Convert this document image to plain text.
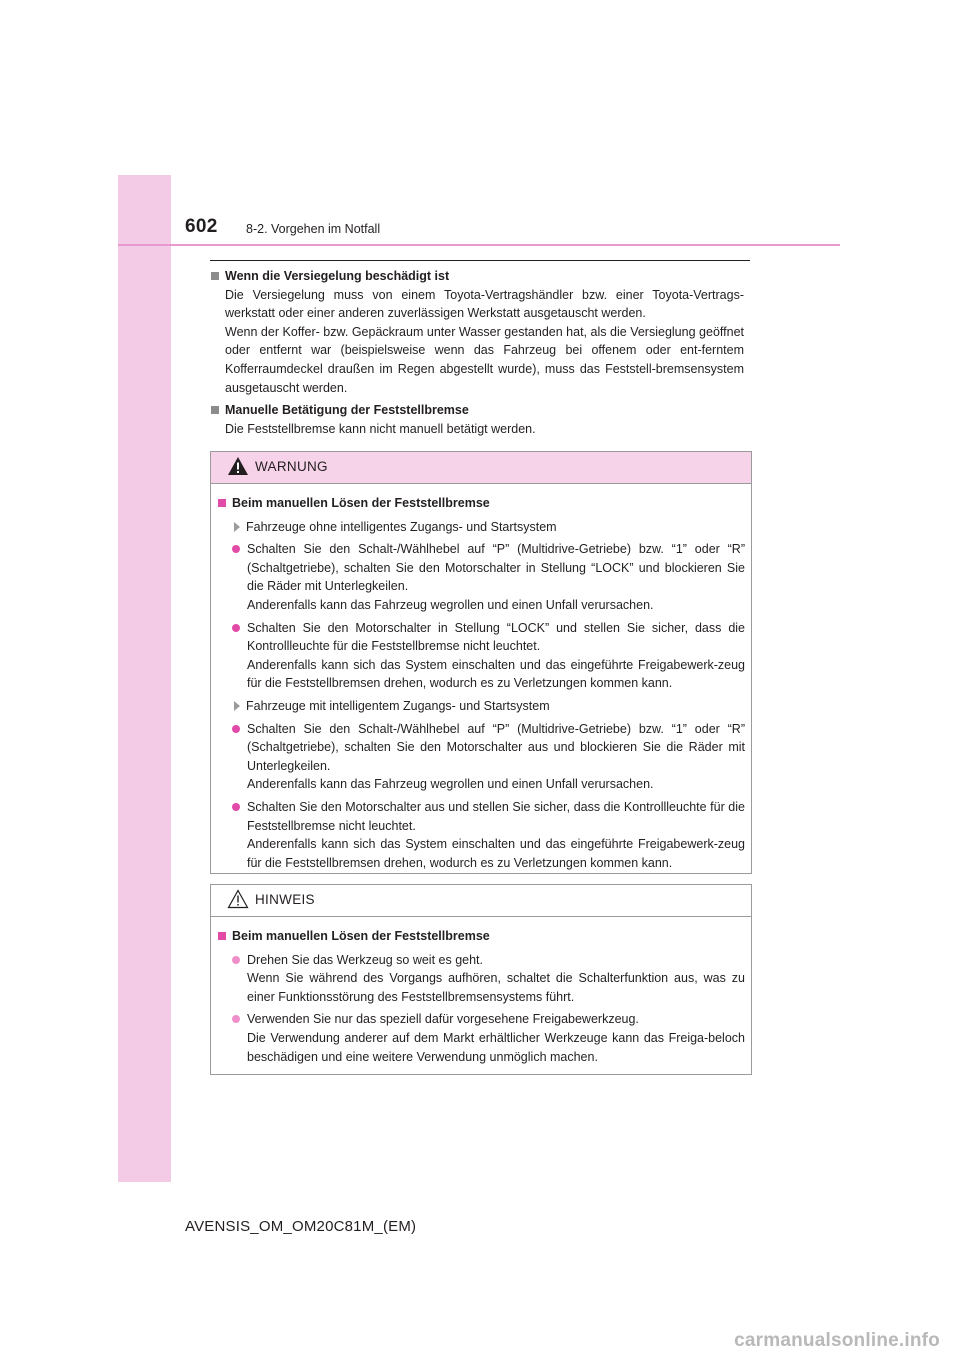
602 8-2. Vorgehen im Notfall
Wenn die Versiegelung beschädigt ist

Die Versiegelung muss von einem Toyota-Vertragshändler bzw. einer Toyota-Vertrags-werkstatt oder einer anderen zuverlässigen Werkstatt ausgetauscht werden.

Wenn der Koffer- bzw. Gepäckraum unter Wasser gestanden hat, als die Versieglung geöffnet oder entfernt war (beispielsweise wenn das Fahrzeug bei offenem oder ent-ferntem Kofferraumdeckel draußen im Regen abgestellt wurde), muss das Feststell-bremsensystem ausgetauscht werden.

Manuelle Betätigung der Feststellbremse

Die Feststellbremse kann nicht manuell betätigt werden.

WARNUNG
Beim manuellen Lösen der Feststellbremse
Fahrzeuge ohne intelligentes Zugangs- und Startsystem

Schalten Sie den Schalt-/Wählhebel auf “P” (Multidrive-Getriebe) bzw. “1” oder “R” (Schaltgetriebe), schalten Sie den Motorschalter in Stellung “LOCK” und blockieren Sie die Räder mit Unterlegkeilen.

Anderenfalls kann das Fahrzeug wegrollen und einen Unfall verursachen.

Schalten Sie den Motorschalter in Stellung “LOCK” und stellen Sie sicher, dass die Kontrollleuchte für die Feststellbremse nicht leuchtet.

Anderenfalls kann sich das System einschalten und das eingeführte Freigabewerk-zeug für die Feststellbremsen drehen, wodurch es zu Verletzungen kommen kann.

Fahrzeuge mit intelligentem Zugangs- und Startsystem

Schalten Sie den Schalt-/Wählhebel auf “P” (Multidrive-Getriebe) bzw. “1” oder “R” (Schaltgetriebe), schalten Sie den Motorschalter aus und blockieren Sie die Räder mit Unterlegkeilen.

Anderenfalls kann das Fahrzeug wegrollen und einen Unfall verursachen.

Schalten Sie den Motorschalter aus und stellen Sie sicher, dass die Kontrollleuchte für die Feststellbremse nicht leuchtet.

Anderenfalls kann sich das System einschalten und das eingeführte Freigabewerk-zeug für die Feststellbremsen drehen, wodurch es zu Verletzungen kommen kann.

HINWEIS
Beim manuellen Lösen der Feststellbremse

Drehen Sie das Werkzeug so weit es geht.

Wenn Sie während des Vorgangs aufhören, schaltet die Schalterfunktion aus, was zu einer Funktionsstörung des Feststellbremsensystems führt.

Verwenden Sie nur das speziell dafür vorgesehene Freigabewerkzeug.

Die Verwendung anderer auf dem Markt erhältlicher Werkzeuge kann das Freiga-beloch beschädigen und eine weitere Verwendung unmöglich machen.

AVENSIS_OM_OM20C81M_(EM)
carmanualsonline.info
